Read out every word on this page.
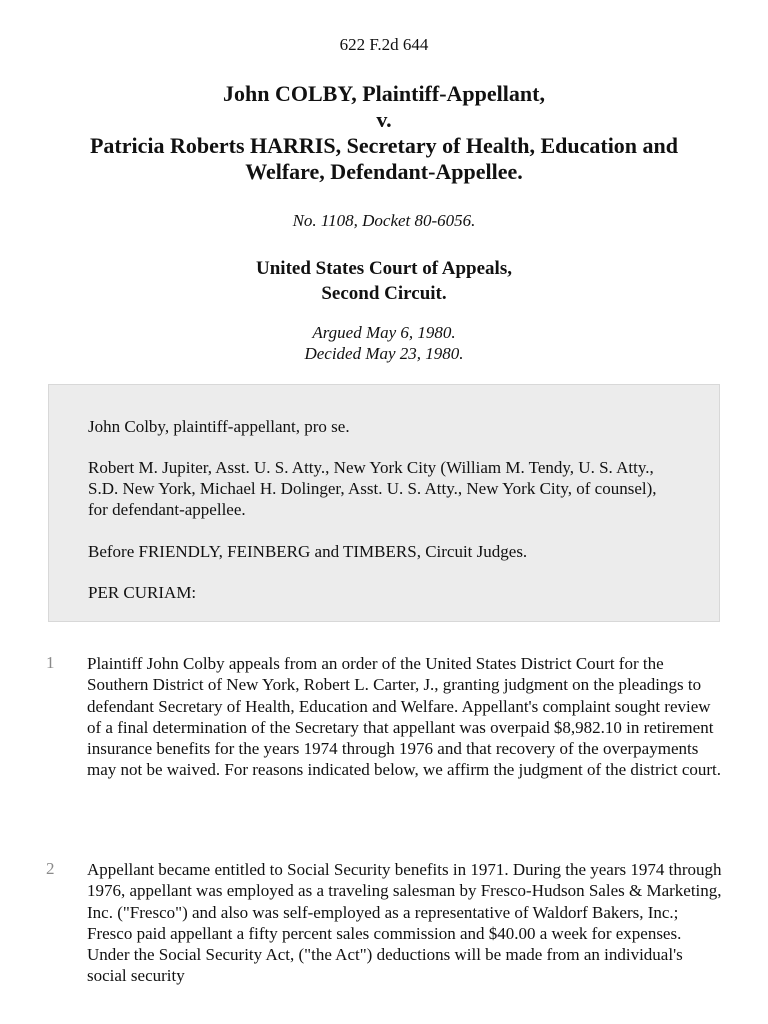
622 F.2d 644
John COLBY, Plaintiff-Appellant,
v.
Patricia Roberts HARRIS, Secretary of Health, Education and
Welfare, Defendant-Appellee.
No. 1108, Docket 80-6056.
United States Court of Appeals,
Second Circuit.
Argued May 6, 1980.
Decided May 23, 1980.

John Colby, plaintiff-appellant, pro se.

Robert M. Jupiter, Asst. U. S. Atty., New York City (William M. Tendy, U. S. Atty., S.D. New York, Michael H. Dolinger, Asst. U. S. Atty., New York City, of counsel), for defendant-appellee.

Before FRIENDLY, FEINBERG and TIMBERS, Circuit Judges.

PER CURIAM:

1 Plaintiff John Colby appeals from an order of the United States District Court for the Southern District of New York, Robert L. Carter, J., granting judgment on the pleadings to defendant Secretary of Health, Education and Welfare. Appellant's complaint sought review of a final determination of the Secretary that appellant was overpaid $8,982.10 in retirement insurance benefits for the years 1974 through 1976 and that recovery of the overpayments may not be waived. For reasons indicated below, we affirm the judgment of the district court.

2 Appellant became entitled to Social Security benefits in 1971. During the years 1974 through 1976, appellant was employed as a traveling salesman by Fresco-Hudson Sales & Marketing, Inc. ("Fresco") and also was self-employed as a representative of Waldorf Bakers, Inc.; Fresco paid appellant a fifty percent sales commission and $40.00 a week for expenses. Under the Social Security Act, ("the Act") deductions will be made from an individual's social security
